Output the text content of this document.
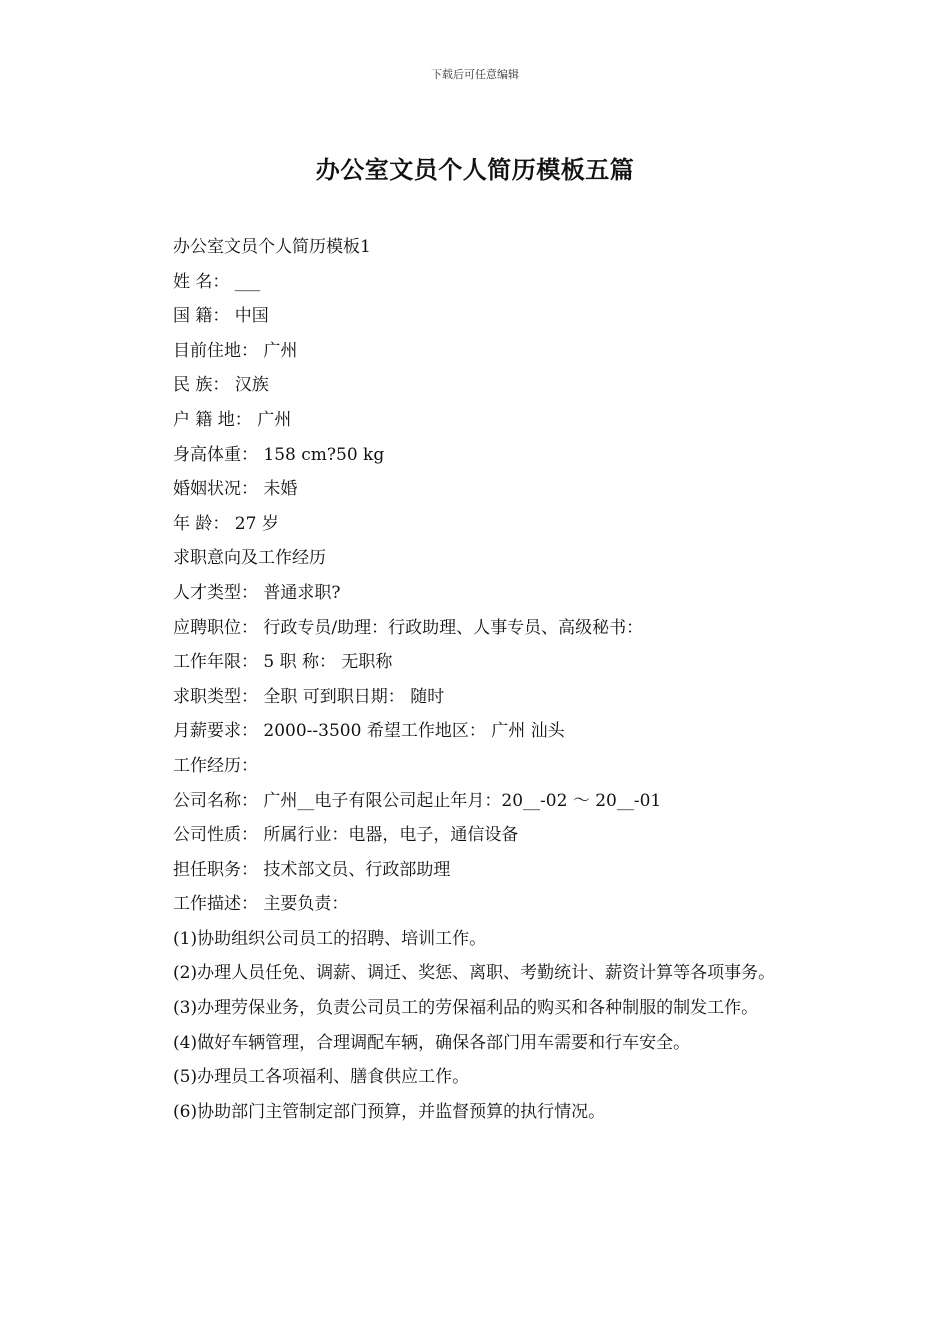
下载后可任意编辑
办公室文员个人简历模板五篇
办公室文员个人简历模板1
姓 名： ___
国 籍： 中国
目前住地： 广州
民 族： 汉族
户 籍 地： 广州
身高体重： 158 cm?50 kg
婚姻状况： 未婚
年 龄： 27 岁
求职意向及工作经历
人才类型： 普通求职?
应聘职位： 行政专员/助理：行政助理、人事专员、高级秘书：
工作年限： 5 职 称： 无职称
求职类型： 全职 可到职日期： 随时
月薪要求： 2000--3500 希望工作地区： 广州 汕头
工作经历：
公司名称： 广州__电子有限公司起止年月：20__-02 ～ 20__-01
公司性质： 所属行业：电器，电子，通信设备
担任职务： 技术部文员、行政部助理
工作描述： 主要负责：
(1)协助组织公司员工的招聘、培训工作。
(2)办理人员任免、调薪、调迁、奖惩、离职、考勤统计、薪资计算等各项事务。
(3)办理劳保业务，负责公司员工的劳保福利品的购买和各种制服的制发工作。
(4)做好车辆管理，合理调配车辆，确保各部门用车需要和行车安全。
(5)办理员工各项福利、膳食供应工作。
(6)协助部门主管制定部门预算，并监督预算的执行情况。
